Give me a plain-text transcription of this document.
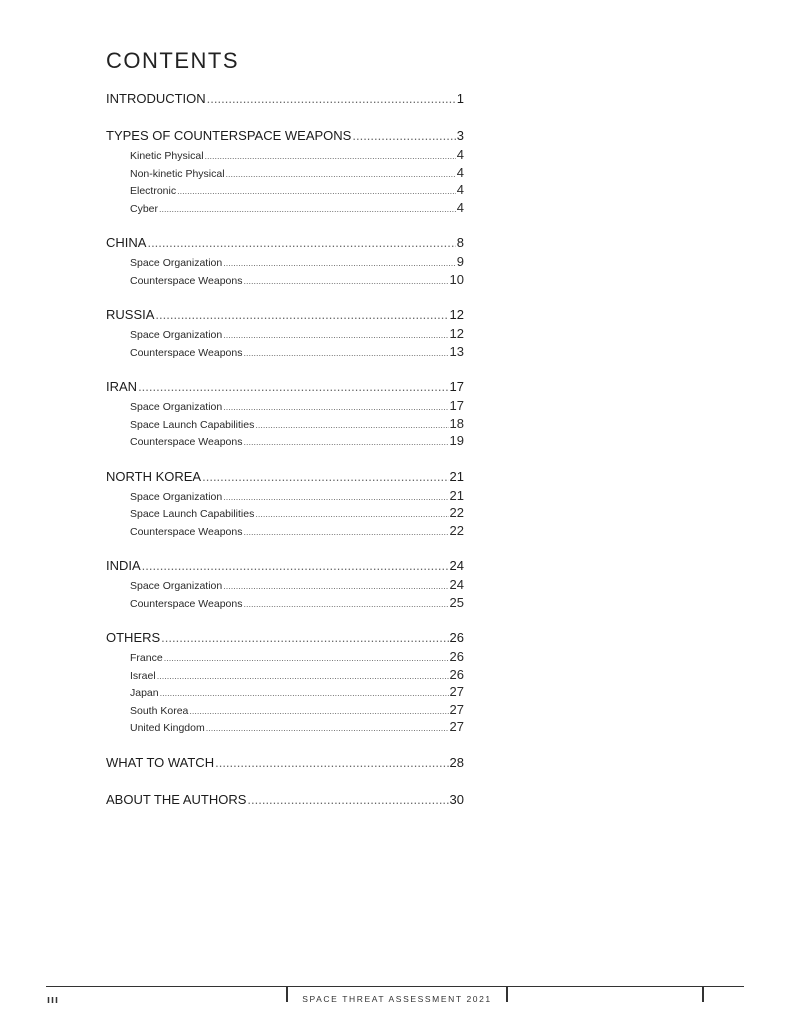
CONTENTS
INTRODUCTION .....	1
TYPES OF COUNTERSPACE WEAPONS .....	3
Kinetic Physical .....	4
Non-kinetic Physical .....	4
Electronic .....	4
Cyber .....	4
CHINA .....	8
Space Organization .....	9
Counterspace Weapons .....	10
RUSSIA .....	12
Space Organization .....	12
Counterspace Weapons .....	13
IRAN .....	17
Space Organization .....	17
Space Launch Capabilities .....	18
Counterspace Weapons .....	19
NORTH KOREA .....	21
Space Organization .....	21
Space Launch Capabilities .....	22
Counterspace Weapons .....	22
INDIA .....	24
Space Organization .....	24
Counterspace Weapons .....	25
OTHERS .....	26
France .....	26
Israel .....	26
Japan .....	27
South Korea .....	27
United Kingdom .....	27
WHAT TO WATCH .....	28
ABOUT THE AUTHORS .....	30
III	SPACE THREAT ASSESSMENT 2021
